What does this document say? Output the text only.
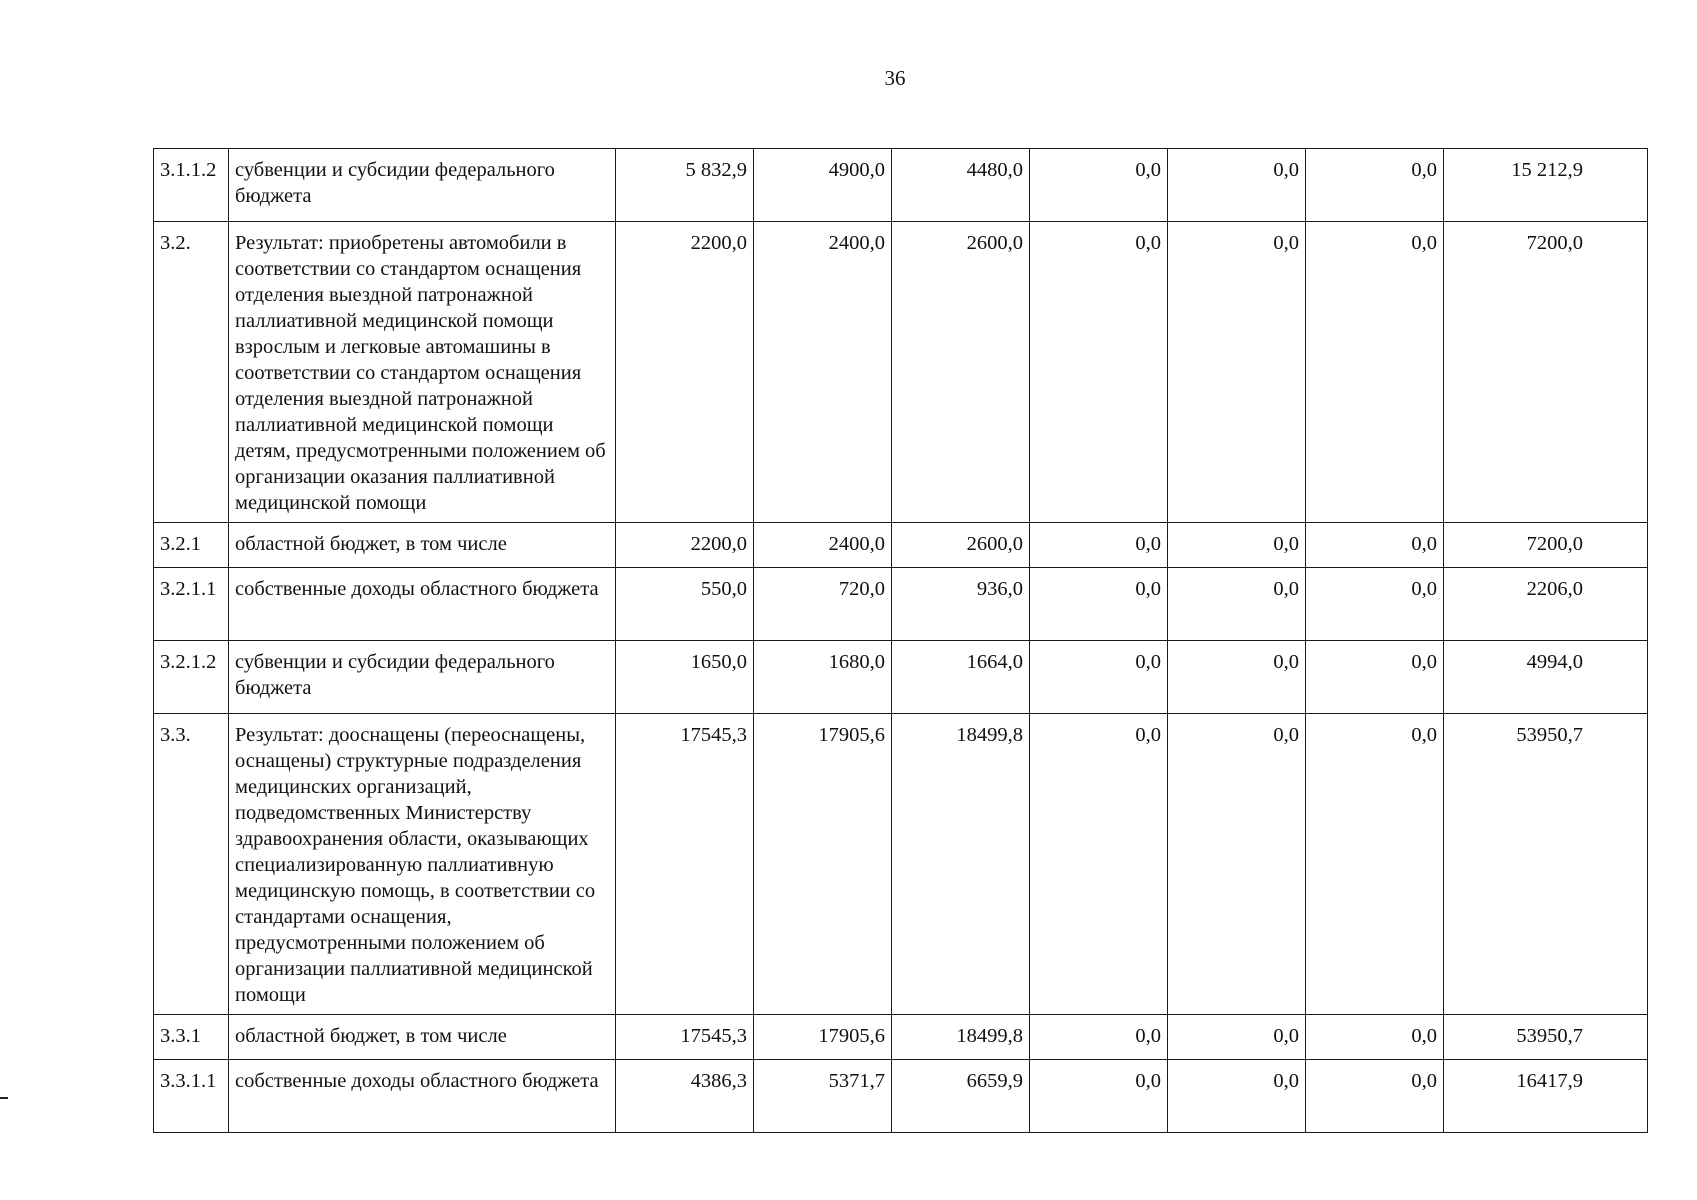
36
3.1.1.2	субвенции и субсидии федерального бюджета	5 832,9	4900,0	4480,0	0,0	0,0	0,0	15 212,9
3.2.	Результат: приобретены автомобили в соответствии со стандартом оснащения отделения выездной патронажной паллиативной медицинской помощи взрослым и легковые автомашины в соответствии со стандартом оснащения отделения выездной патронажной паллиативной медицинской помощи детям, предусмотренными положением об организации оказания паллиативной медицинской помощи	2200,0	2400,0	2600,0	0,0	0,0	0,0	7200,0
3.2.1	областной бюджет, в том числе	2200,0	2400,0	2600,0	0,0	0,0	0,0	7200,0
3.2.1.1	собственные доходы областного бюджета	550,0	720,0	936,0	0,0	0,0	0,0	2206,0
3.2.1.2	субвенции и субсидии федерального бюджета	1650,0	1680,0	1664,0	0,0	0,0	0,0	4994,0
3.3.	Результат: дооснащены (переоснащены, оснащены) структурные подразделения медицинских организаций, подведомственных Министерству здравоохранения области, оказывающих специализированную паллиативную медицинскую помощь, в соответствии со стандартами оснащения, предусмотренными положением об организации паллиативной медицинской помощи	17545,3	17905,6	18499,8	0,0	0,0	0,0	53950,7
3.3.1	областной бюджет, в том числе	17545,3	17905,6	18499,8	0,0	0,0	0,0	53950,7
3.3.1.1	собственные доходы областного бюджета	4386,3	5371,7	6659,9	0,0	0,0	0,0	16417,9
